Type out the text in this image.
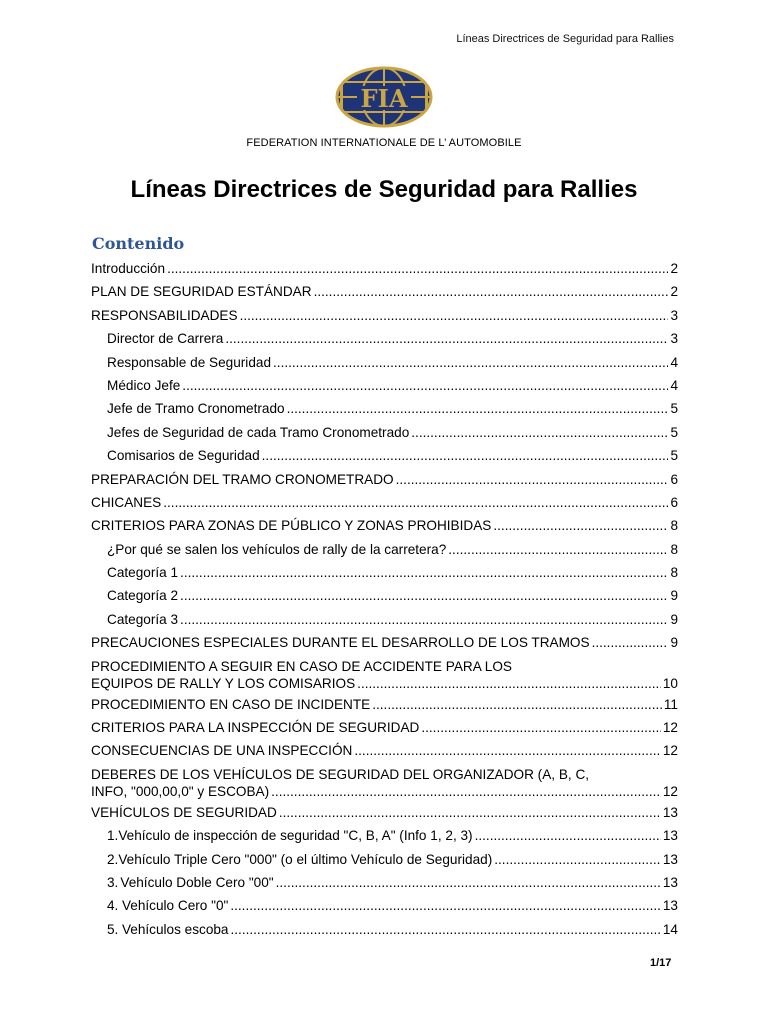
Líneas Directrices de Seguridad para Rallies
FIA
FEDERATION INTERNATIONALE DE L’ AUTOMOBILE
Líneas Directrices de Seguridad para Rallies
Contenido
Introducción .....	2
PLAN DE SEGURIDAD ESTÁNDAR .....	2
RESPONSABILIDADES .....	3
Director de Carrera .....	3
Responsable de Seguridad .....	4
Médico Jefe .....	4
Jefe de Tramo Cronometrado .....	5
Jefes de Seguridad de cada Tramo Cronometrado .....	5
Comisarios de Seguridad .....	5
PREPARACIÓN DEL TRAMO CRONOMETRADO .....	6
CHICANES .....	6
CRITERIOS PARA ZONAS DE PÚBLICO Y ZONAS PROHIBIDAS .....	8
¿Por qué se salen los vehículos de rally de la carretera? .....	8
Categoría 1 .....	8
Categoría 2 .....	9
Categoría 3 .....	9
PRECAUCIONES ESPECIALES DURANTE EL DESARROLLO DE LOS TRAMOS .....	9
PROCEDIMIENTO A SEGUIR EN CASO DE ACCIDENTE PARA LOS
EQUIPOS DE RALLY Y LOS COMISARIOS .....	10
PROCEDIMIENTO EN CASO DE INCIDENTE .....	11
CRITERIOS PARA LA INSPECCIÓN DE SEGURIDAD .....	12
CONSECUENCIAS DE UNA INSPECCIÓN .....	12
DEBERES DE LOS VEHÍCULOS DE SEGURIDAD DEL ORGANIZADOR (A, B, C,
INFO, "000,00,0" y ESCOBA) .....	12
VEHÍCULOS DE SEGURIDAD .....	13
1. Vehículo de inspección de seguridad "C, B, A" (Info 1, 2, 3) .....	13
2. Vehículo Triple Cero "000" (o el último Vehículo de Seguridad) .....	13
3. Vehículo Doble Cero "00" .....	13
4. Vehículo Cero "0" .....	13
5. Vehículos escoba .....	14
1/17
